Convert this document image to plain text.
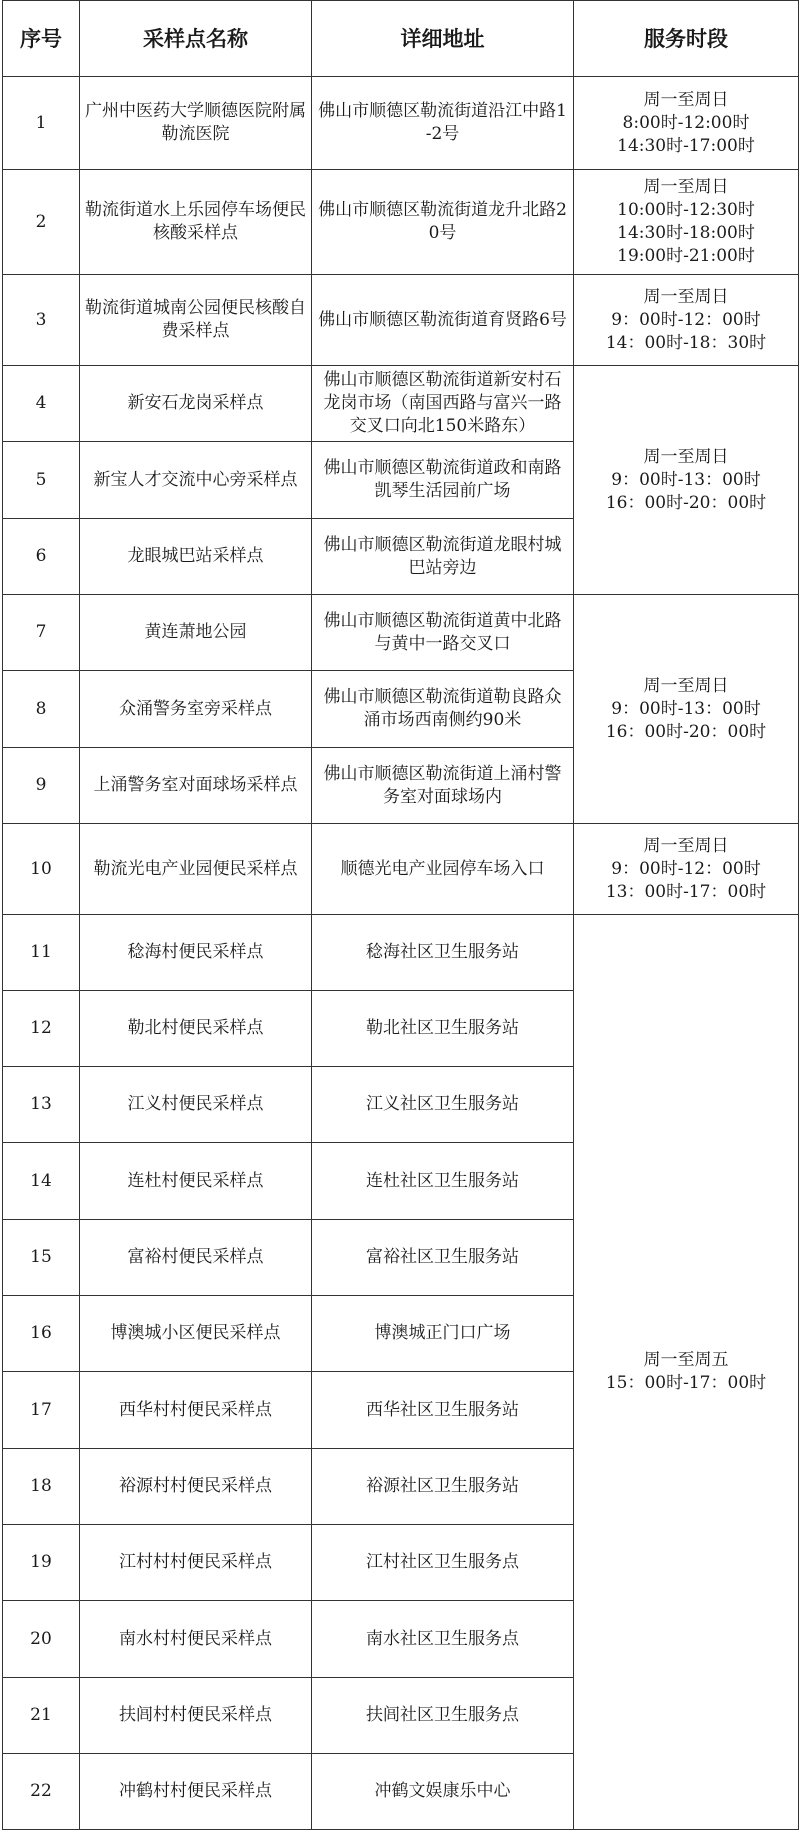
序号	采样点名称	详细地址	服务时段
1	广州中医药大学顺德医院附属勒流医院	佛山市顺德区勒流街道沿江中路1-2号	周一至周日
8:00时-12:00时
14:30时-17:00时

2	勒流街道水上乐园停车场便民核酸采样点	佛山市顺德区勒流街道龙升北路20号	周一至周日
10:00时-12:30时
14:30时-18:00时
19:00时-21:00时

3	勒流街道城南公园便民核酸自费采样点	佛山市顺德区勒流街道育贤路6号	周一至周日
9：00时-12：00时
14：00时-18：30时

4	新安石龙岗采样点	佛山市顺德区勒流街道新安村石龙岗市场（南国西路与富兴一路交叉口向北150米路东）	周一至周日
9：00时-13：00时
16：00时-20：00时

5	新宝人才交流中心旁采样点	佛山市顺德区勒流街道政和南路凯琴生活园前广场	
6	龙眼城巴站采样点	佛山市顺德区勒流街道龙眼村城巴站旁边	
7	黄连萧地公园	佛山市顺德区勒流街道黄中北路与黄中一路交叉口	周一至周日
9：00时-13：00时
16：00时-20：00时

8	众涌警务室旁采样点	佛山市顺德区勒流街道勒良路众涌市场西南侧约90米	
9	上涌警务室对面球场采样点	佛山市顺德区勒流街道上涌村警务室对面球场内	
10	勒流光电产业园便民采样点	顺德光电产业园停车场入口	周一至周日
9：00时-12：00时
13：00时-17：00时

11	稔海村便民采样点	稔海社区卫生服务站	周一至周五
15：00时-17：00时

12	勒北村便民采样点	勒北社区卫生服务站	
13	江义村便民采样点	江义社区卫生服务站	
14	连杜村便民采样点	连杜社区卫生服务站	
15	富裕村便民采样点	富裕社区卫生服务站	
16	博澳城小区便民采样点	博澳城正门口广场	
17	西华村村便民采样点	西华社区卫生服务站	
18	裕源村村便民采样点	裕源社区卫生服务站	
19	江村村村便民采样点	江村社区卫生服务点	
20	南水村村便民采样点	南水社区卫生服务点	
21	扶闾村村便民采样点	扶闾社区卫生服务点	
22	冲鹤村村便民采样点	冲鹤文娱康乐中心	
